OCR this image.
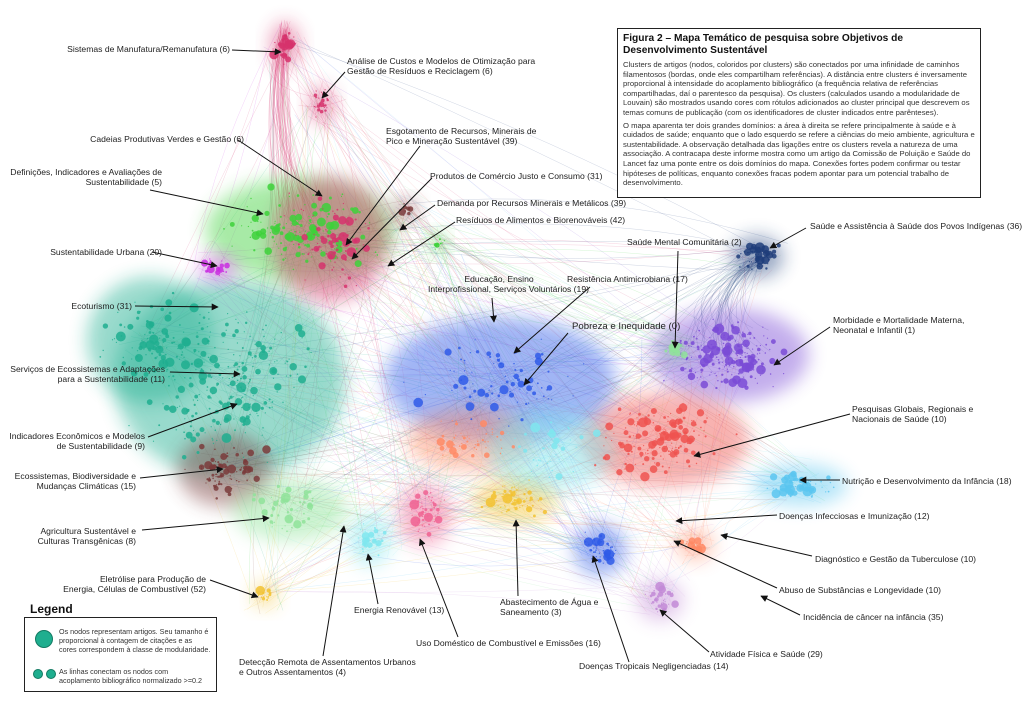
Figura 2 – Mapa Temático de pesquisa sobre Objetivos de Desenvolvimento Sustentável

Clusters de artigos (nodos, coloridos por clusters) são conectados por uma infinidade de caminhos filamentosos (bordas, onde eles compartilham referências). A distância entre clusters é inversamente proporcional à intensidade do acoplamento bibliográfico (a frequência relativa de referências compartilhadas, daí o parentesco da pesquisa). Os clusters (calculados usando a modularidade de Louvain) são mostrados usando cores com rótulos adicionados ao cluster principal que descrevem os temas comuns de publicação (com os identificadores de cluster indicados entre parênteses).

O mapa aparenta ter dois grandes domínios: a área à direita se refere principalmente à saúde e à cuidados de saúde; enquanto que o lado esquerdo se refere a ciências do meio ambiente, agricultura e sustentabilidade. A observação detalhada das ligações entre os clusters revela a natureza de uma associação. A contracapa deste informe mostra como um artigo da Comissão de Poluição e Saúde do Lancet faz uma ponte entre os dois domínios do mapa. Conexões fortes podem confirmar ou testar hipóteses de políticas, enquanto conexões fracas podem apontar para um potencial trabalho de desenvolvimento.

Legend
Os nodos representam artigos. Seu tamanho é proporcional à contagem de citações e as cores correspondem à classe de modularidade.
As linhas conectam os nodos com acoplamento bibliográfico normalizado >=0.2
Sistemas de Manufatura/Remanufatura (6)
Análise de Custos e Modelos de Otimização para
Gestão de Resíduos e Reciclagem (6)
Cadeias Produtivas Verdes e Gestão (6)
Esgotamento de Recursos, Minerais de
Pico e Mineração Sustentável (39)
Definições, Indicadores e Avaliações de
Sustentabilidade (5)
Produtos de Comércio Justo e Consumo (31)
Demanda por Recursos Minerais e Metálicos (39)
Resíduos de Alimentos e Biorenováveis (42)
Sustentabilidade Urbana (20)
Educação, Ensino
Interprofissional, Serviços Voluntários (19)
Resistência Antimicrobiana (17)
Saúde Mental Comunitária (2)
Saúde e Assistência à Saúde dos Povos Indígenas (36)
Ecoturismo (31)
Pobreza e Inequidade (0)
Morbidade e Mortalidade Materna,
Neonatal e Infantil (1)
Serviços de Ecossistemas e Adaptações
para a Sustentabilidade (11)
Indicadores Econômicos e Modelos
de Sustentabilidade (9)
Pesquisas Globais, Regionais e
Nacionais de Saúde (10)
Ecossistemas, Biodiversidade e
Mudanças Climáticas (15)	Nutrição e Desenvolvimento da Infância (18)
Agricultura Sustentável e
Culturas Transgênicas (8)
Doenças Infecciosas e Imunização (12)
Diagnóstico e Gestão da Tuberculose (10)
Eletrólise para Produção de
Energia, Células de Combustível (52)
Abastecimento de Água e
Saneamento (3)
Abuso de Substâncias e Longevidade (10)
Energia Renovável (13)
Incidência de câncer na infância (35)
Uso Doméstico de Combustível e Emissões (16)
Detecção Remota de Assentamentos Urbanos
e Outros Assentamentos (4)
Atividade Física e Saúde (29)
Doenças Tropicais Negligenciadas (14)
